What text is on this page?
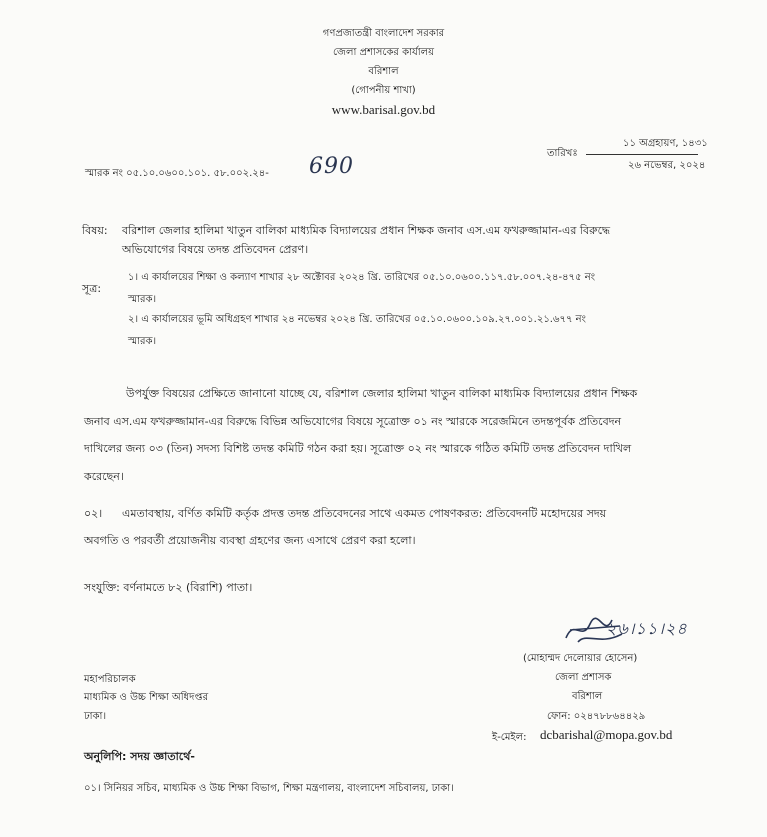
গণপ্রজাতন্ত্রী বাংলাদেশ সরকার
জেলা প্রশাসকের কার্যালয়
বরিশাল
(গোপনীয় শাখা)
www.barisal.gov.bd
স্মারক নং ০৫.১০.০৬০০.১০১. ৫৮.০০২.২৪- 690
তারিখঃ
১১ অগ্রহায়ণ, ১৪৩১
২৬ নভেম্বর, ২০২৪
বিষয়: বরিশাল জেলার হালিমা খাতুন বালিকা মাধ্যমিক বিদ্যালয়ের প্রধান শিক্ষক জনাব এস.এম ফখরুজ্জামান-এর বিরুদ্ধে
অভিযোগের বিষয়ে তদন্ত প্রতিবেদন প্রেরণ।
সূত্র:
১। এ কার্যালয়ের শিক্ষা ও কল্যাণ শাখার ২৮ অক্টোবর ২০২৪ খ্রি. তারিখের ০৫.১০.০৬০০.১১৭.৫৮.০০৭.২৪-৪৭৫ নং
স্মারক।
২। এ কার্যালয়ের ভূমি অধিগ্রহণ শাখার ২৪ নভেম্বর ২০২৪ খ্রি. তারিখের ০৫.১০.০৬০০.১০৯.২৭.০০১.২১.৬৭৭ নং
স্মারক।
উপর্যুক্ত বিষয়ের প্রেক্ষিতে জানানো যাচ্ছে যে, বরিশাল জেলার হালিমা খাতুন বালিকা মাধ্যমিক বিদ্যালয়ের প্রধান শিক্ষক
জনাব এস.এম ফখরুজ্জামান-এর বিরুদ্ধে বিভিন্ন অভিযোগের বিষয়ে সূত্রোক্ত ০১ নং স্মারকে সরেজমিনে তদন্তপূর্বক প্রতিবেদন
দাখিলের জন্য ০৩ (তিন) সদস্য বিশিষ্ট তদন্ত কমিটি গঠন করা হয়। সূত্রোক্ত ০২ নং স্মারকে গঠিত কমিটি তদন্ত প্রতিবেদন দাখিল
করেছেন।
০২। এমতাবস্থায়, বর্ণিত কমিটি কর্তৃক প্রদত্ত তদন্ত প্রতিবেদনের সাথে একমত পোষণকরত: প্রতিবেদনটি মহোদয়ের সদয়
অবগতি ও পরবর্তী প্রয়োজনীয় ব্যবস্থা গ্রহণের জন্য এসাথে প্রেরণ করা হলো।
সংযুক্তি: বর্ণনামতে ৮২ (বিরাশি) পাতা।
২৬।১১।২৪
(মোহাম্মদ দেলোয়ার হোসেন)
জেলা প্রশাসক
বরিশাল
ফোন: ০২৪৭৮৮৬৪৪২৯
ই-মেইল: dcbarishal@mopa.gov.bd
মহাপরিচালক
মাধ্যমিক ও উচ্চ শিক্ষা অধিদপ্তর
ঢাকা।
অনুলিপি: সদয় জ্ঞাতার্থে-
০১। সিনিয়র সচিব, মাধ্যমিক ও উচ্চ শিক্ষা বিভাগ, শিক্ষা মন্ত্রণালয়, বাংলাদেশ সচিবালয়, ঢাকা।
